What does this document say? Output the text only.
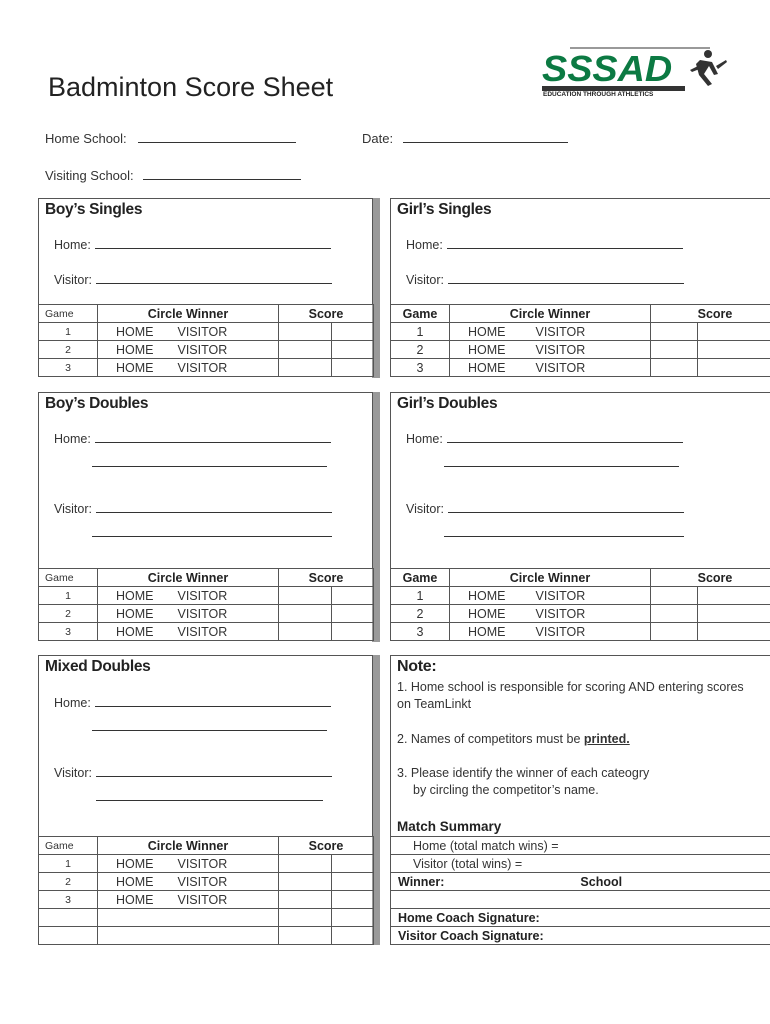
Badminton Score Sheet	SSSAD
EDUCATION THROUGH ATHLETICS
Home School:	Date:
Visiting School:
Boy’s Singles
Home:
Visitor:
Game	Circle Winner	Score	
1	HOME VISITOR		
2	HOME VISITOR		
3	HOME VISITOR		
Girl’s Singles
Home:
Visitor:
Game	Circle Winner	Score	
1	HOME VISITOR		
2	HOME VISITOR		
3	HOME VISITOR		
Boy’s Doubles
Home:
Visitor:
Game	Circle Winner	Score	
1	HOME VISITOR		
2	HOME VISITOR		
3	HOME VISITOR		
Girl’s Doubles
Home:
Visitor:
Game	Circle Winner	Score	
1	HOME VISITOR		
2	HOME VISITOR		
3	HOME VISITOR		
Mixed Doubles
Home:
Visitor:
Game	Circle Winner	Score	
1	HOME VISITOR		
2	HOME VISITOR		
3	HOME VISITOR		

Note:
1. Home school is responsible for scoring AND entering scores
on TeamLinkt
2. Names of competitors must be printed.
3. Please identify the winner of each cateogry
by circling the competitor’s name.
Match Summary
Home (total match wins) =
Visitor (total wins) =
Winner:	School

Home Coach Signature:
Visitor Coach Signature:
